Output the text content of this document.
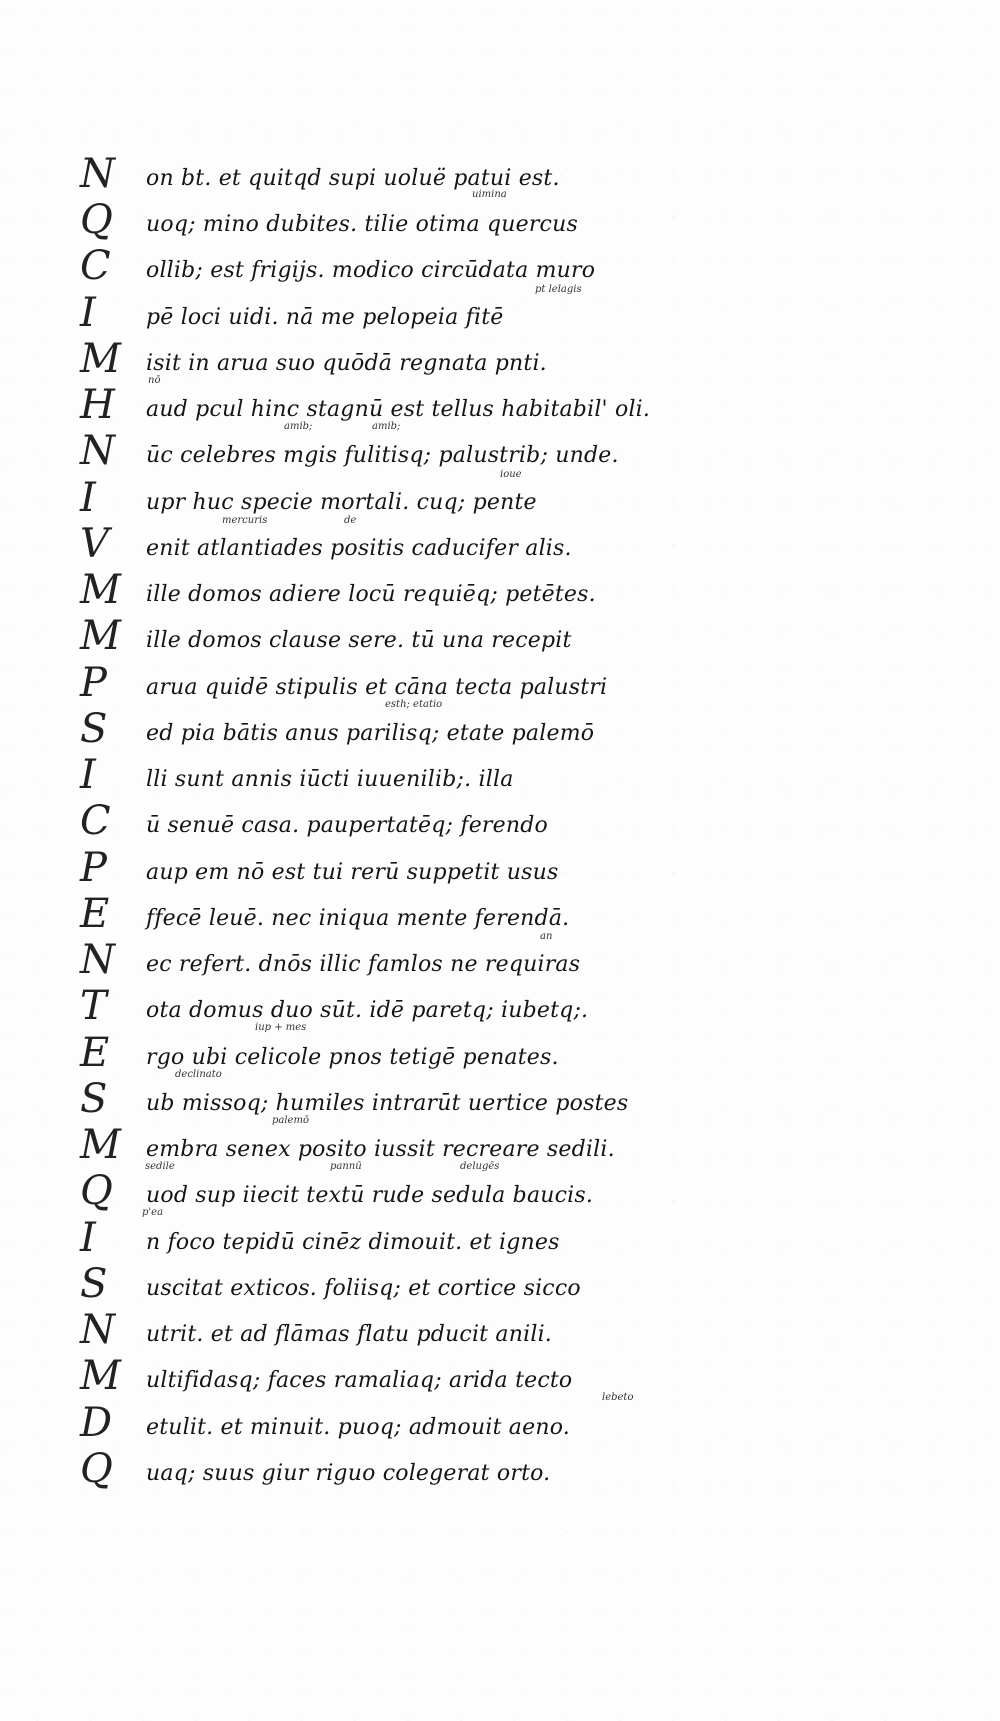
N on bt. et quitqd supi uoluë patui est.
Q uoq; mino dubites. tilie otima quercus
C ollib; est frigijs. modico circūdata muro
I pē loci uidi. nā me pelopeia fitē
M isit in arua suo quōdā regnata pnti.
H aud pcul hinc stagnū est tellus habitabil' oli.
N ūc celebres mgis fulitisq; palustrib; unde.
I upr huc specie mortali. cuq; pente
V enit atlantiades positis caducifer alis.
M ille domos adiere locū requiēq; petētes.
M ille domos clause sere. tū una recepit
P arua quidē stipulis et cāna tecta palustri
S ed pia bātis anus parilisq; etate palemō
I lli sunt annis iūcti iuuenilib;. illa
C ū senuē casa. paupertatēq; ferendo
P aup em nō est tui rerū suppetit usus
E ffecē leuē. nec iniqua mente ferendā.
N ec refert. dnōs illic famlos ne requiras
T ota domus duo sūt. idē paretq; iubetq;.
E rgo ubi celicole pnos tetigē penates.
S ub missoq; humiles intrarūt uertice postes
M embra senex posito iussit recreare sedili.
Q uod sup iiecit textū rude sedula baucis.
I n foco tepidū cinēz dimouit. et ignes
S uscitat exticos. foliisq; et cortice sicco
N utrit. et ad flāmas flatu pducit anili.
M ultifidasq; faces ramaliaq; arida tecto
D etulit. et minuit. puoq; admouit aeno.
Q uaq; suus giur riguo colegerat orto.
uimina
pt lelagis
nō
amib;	amib;
ioue
mercuris	de
esth; etatio
an
iup + mes
declinato
palemō
sedile	pannū	delugēs
p'ea
lebeto
